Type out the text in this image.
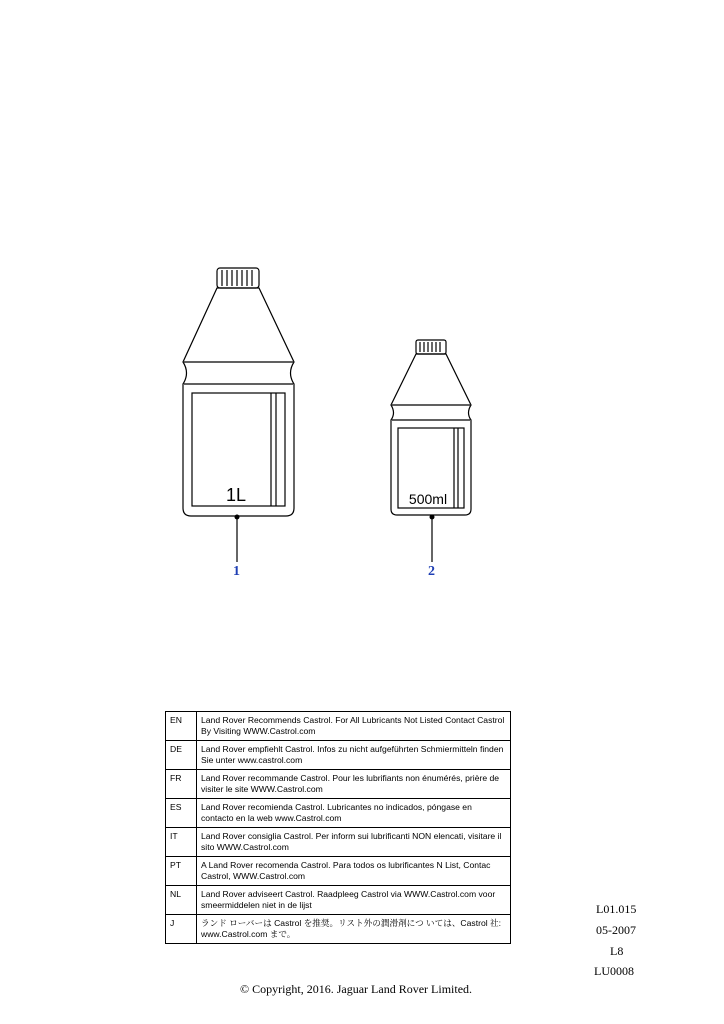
1L	500ml
1	2
EN	Land Rover Recommends Castrol. For All Lubricants Not Listed Contact Castrol By Visiting WWW.Castrol.com
DE	Land Rover empfiehlt Castrol. Infos zu nicht aufgeführten Schmiermitteln finden Sie unter www.castrol.com
FR	Land Rover recommande Castrol. Pour les lubrifiants non énumérés, prière de visiter le site WWW.Castrol.com
ES	Land Rover recomienda Castrol. Lubricantes no indicados, póngase en contacto en la web www.Castrol.com
IT	Land Rover consiglia Castrol. Per inform sui lubrificanti NON elencati, visitare il sito WWW.Castrol.com
PT	A Land Rover recomenda Castrol. Para todos os lubrificantes N List, Contac Castrol, WWW.Castrol.com
NL	Land Rover adviseert Castrol. Raadpleeg Castrol via WWW.Castrol.com voor smeermiddelen niet in de lijst
J	ランド ローバーは Castrol を推奨。リスト外の潤滑剤につ いては、Castrol 社: www.Castrol.com まで。
L01.015
05-2007
L8
LU0008
© Copyright, 2016. Jaguar Land Rover Limited.
